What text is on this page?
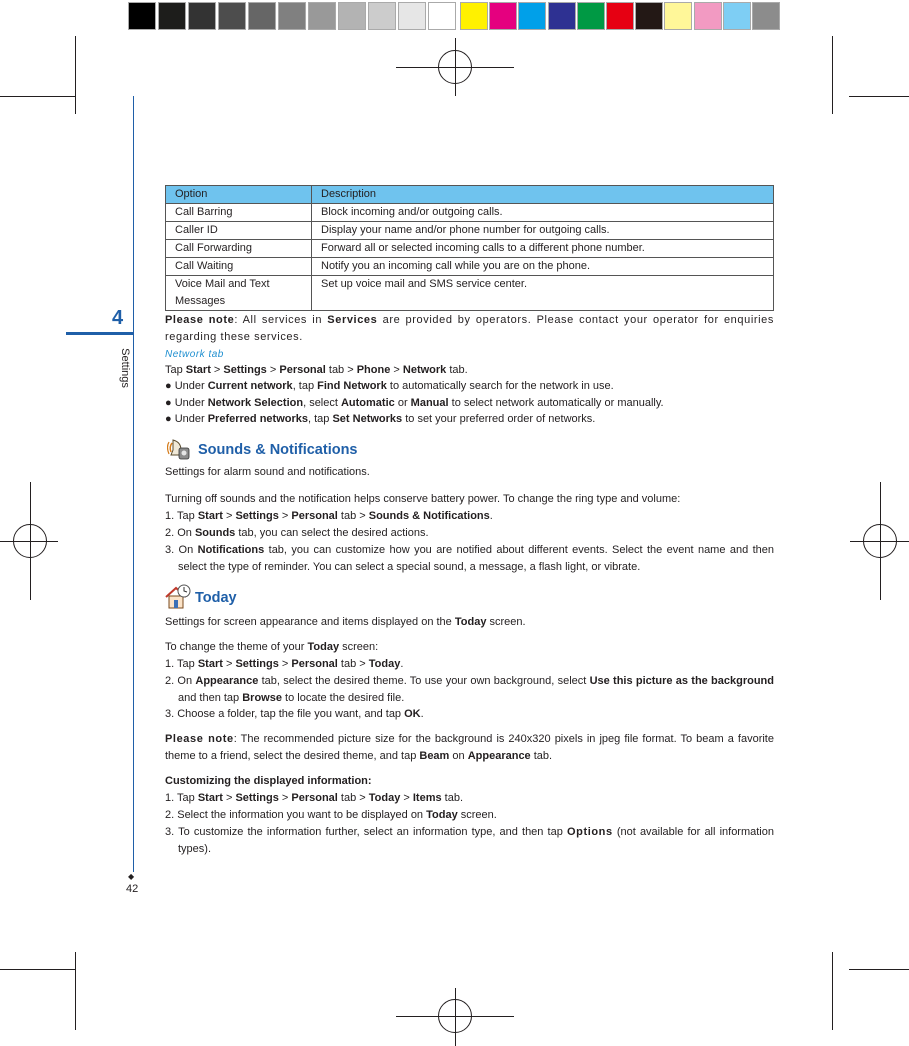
4
Settings
◆
42
Option	Description
Call Barring	Block incoming and/or outgoing calls.
Caller ID	Display your name and/or phone number for outgoing calls.
Call Forwarding	Forward all or selected incoming calls to a different phone number.
Call Waiting	Notify you an incoming call while you are on the phone.
Voice Mail and Text Messages	Set up voice mail and SMS service center.
Please note: All services in Services are provided by operators. Please contact your operator for enquiries regarding these services.
Network tab
Tap Start > Settings > Personal tab > Phone > Network tab.
● Under Current network, tap Find Network to automatically search for the network in use.
● Under Network Selection, select Automatic or Manual to select network automatically or manually.
● Under Preferred networks, tap Set Networks to set your preferred order of networks.
Sounds & Notifications
Settings for alarm sound and notifications.
Turning off sounds and the notification helps conserve battery power. To change the ring type and volume:
1. Tap Start > Settings > Personal tab > Sounds & Notifications.
2. On Sounds tab, you can select the desired actions.
3. On Notifications tab, you can customize how you are notified about different events. Select the event name and then select the type of reminder. You can select a special sound, a message, a flash light, or vibrate.
Today
Settings for screen appearance and items displayed on the Today screen.
To change the theme of your Today screen:
1. Tap Start > Settings > Personal tab > Today.
2. On Appearance tab, select the desired theme. To use your own background, select Use this picture as the background and then tap Browse to locate the desired file.
3. Choose a folder, tap the file you want, and tap OK.
Please note: The recommended picture size for the background is 240x320 pixels in jpeg file format. To beam a favorite theme to a friend, select the desired theme, and tap Beam on Appearance tab.
Customizing the displayed information:
1. Tap Start > Settings > Personal tab > Today > Items tab.
2. Select the information you want to be displayed on Today screen.
3. To customize the information further, select an information type, and then tap Options (not available for all information types).
